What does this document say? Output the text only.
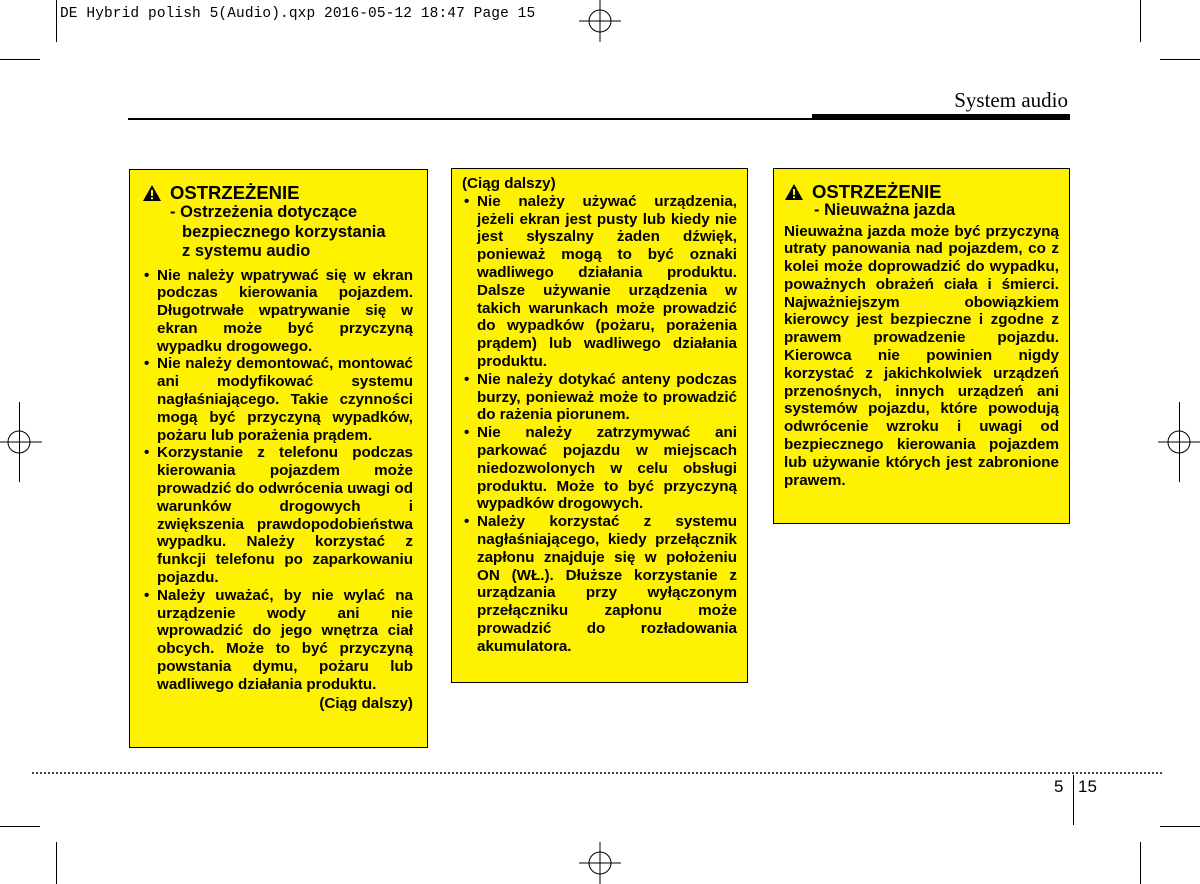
DE Hybrid polish 5(Audio).qxp 2016-05-12 18:47 Page 15
System audio
OSTRZEŻENIE
- Ostrzeżenia dotyczące
bezpiecznego korzystania
z systemu audio
• Nie należy wpatrywać się w ekran podczas kierowania pojazdem. Długotrwałe wpatrywanie się w ekran może być przyczyną wypadku drogowego.
• Nie należy demontować, montować ani modyfikować systemu nagłaśniającego. Takie czynności mogą być przyczyną wypadków, pożaru lub porażenia prądem.
• Korzystanie z telefonu podczas kierowania pojazdem może prowadzić do odwrócenia uwagi od warunków drogowych i zwiększenia prawdopodobieństwa wypadku. Należy korzystać z funkcji telefonu po zaparkowaniu pojazdu.
• Należy uważać, by nie wylać na urządzenie wody ani nie wprowadzić do jego wnętrza ciał obcych. Może to być przyczyną powstania dymu, pożaru lub wadliwego działania produktu.
(Ciąg dalszy)
(Ciąg dalszy)
• Nie należy używać urządzenia, jeżeli ekran jest pusty lub kiedy nie jest słyszalny żaden dźwięk, ponieważ mogą to być oznaki wadliwego działania produktu. Dalsze używanie urządzenia w takich warunkach może prowadzić do wypadków (pożaru, porażenia prądem) lub wadliwego działania produktu.
• Nie należy dotykać anteny podczas burzy, ponieważ może to prowadzić do rażenia piorunem.
• Nie należy zatrzymywać ani parkować pojazdu w miejscach niedozwolonych w celu obsługi produktu. Może to być przyczyną wypadków drogowych.
• Należy korzystać z systemu nagłaśniającego, kiedy przełącznik zapłonu znajduje się w położeniu ON (WŁ.). Dłuższe korzystanie z urządzania przy wyłączonym przełączniku zapłonu może prowadzić do rozładowania akumulatora.
OSTRZEŻENIE
- Nieuważna jazda
Nieuważna jazda może być przyczyną utraty panowania nad pojazdem, co z kolei może doprowadzić do wypadku, poważnych obrażeń ciała i śmierci. Najważniejszym obowiązkiem kierowcy jest bezpieczne i zgodne z prawem prowadzenie pojazdu. Kierowca nie powinien nigdy korzystać z jakichkolwiek urządzeń przenośnych, innych urządzeń ani systemów pojazdu, które powodują odwrócenie wzroku i uwagi od bezpiecznego kierowania pojazdem lub używanie których jest zabronione prawem.
5 15
